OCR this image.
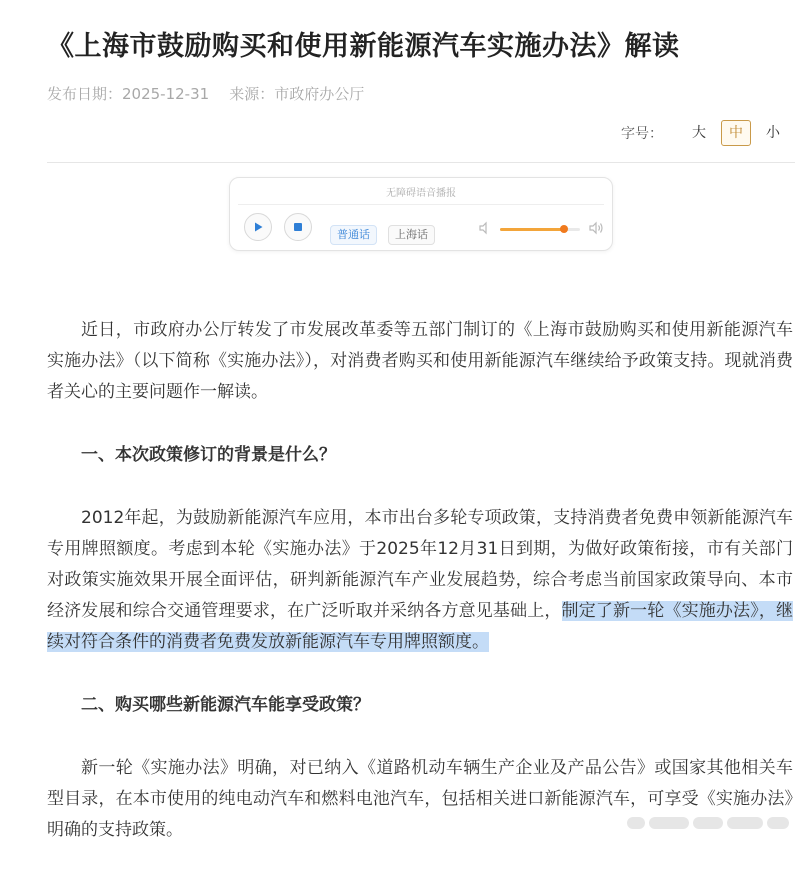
《上海市鼓励购买和使用新能源汽车实施办法》解读
发布日期：2025-12-31 来源：市政府办公厅
字号：	大	中	小
无障碍语音播报
普通话	上海话

近日，市政府办公厅转发了市发展改革委等五部门制订的《上海市鼓励购买和使用新能源汽车实施办法》（以下简称《实施办法》），对消费者购买和使用新能源汽车继续给予政策支持。现就消费者关心的主要问题作一解读。

一、本次政策修订的背景是什么？

2012年起，为鼓励新能源汽车应用，本市出台多轮专项政策，支持消费者免费申领新能源汽车专用牌照额度。考虑到本轮《实施办法》于2025年12月31日到期，为做好政策衔接，市有关部门对政策实施效果开展全面评估，研判新能源汽车产业发展趋势，综合考虑当前国家政策导向、本市经济发展和综合交通管理要求，在广泛听取并采纳各方意见基础上，制定了新一轮《实施办法》，继续对符合条件的消费者免费发放新能源汽车专用牌照额度。

二、购买哪些新能源汽车能享受政策？

新一轮《实施办法》明确，对已纳入《道路机动车辆生产企业及产品公告》或国家其他相关车型目录，在本市使用的纯电动汽车和燃料电池汽车，包括相关进口新能源汽车，可享受《实施办法》明确的支持政策。
